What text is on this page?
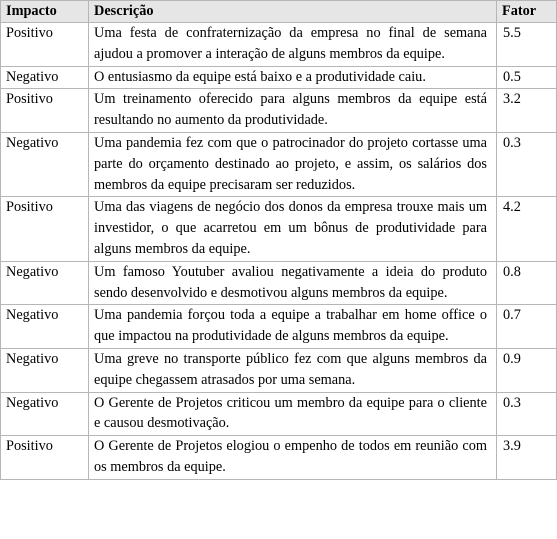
Impacto	Descrição	Fator
Positivo	Uma festa de confraternização da empresa no final de semana ajudou a promover a interação de alguns membros da equipe.	5.5
Negativo	O entusiasmo da equipe está baixo e a produtividade caiu.	0.5
Positivo	Um treinamento oferecido para alguns membros da equipe está resultando no aumento da produtividade.	3.2
Negativo	Uma pandemia fez com que o patrocinador do projeto cortasse uma parte do orçamento destinado ao projeto, e assim, os salários dos membros da equipe precisaram ser reduzidos.	0.3
Positivo	Uma das viagens de negócio dos donos da empresa trouxe mais um investidor, o que acarretou em um bônus de produtividade para alguns membros da equipe.	4.2
Negativo	Um famoso Youtuber avaliou negativamente a ideia do produto sendo desenvolvido e desmotivou alguns membros da equipe.	0.8
Negativo	Uma pandemia forçou toda a equipe a trabalhar em home office o que impactou na produtividade de alguns membros da equipe.	0.7
Negativo	Uma greve no transporte público fez com que alguns membros da equipe chegassem atrasados por uma semana.	0.9
Negativo	O Gerente de Projetos criticou um membro da equipe para o cliente e causou desmotivação.	0.3
Positivo	O Gerente de Projetos elogiou o empenho de todos em reunião com os membros da equipe.	3.9
